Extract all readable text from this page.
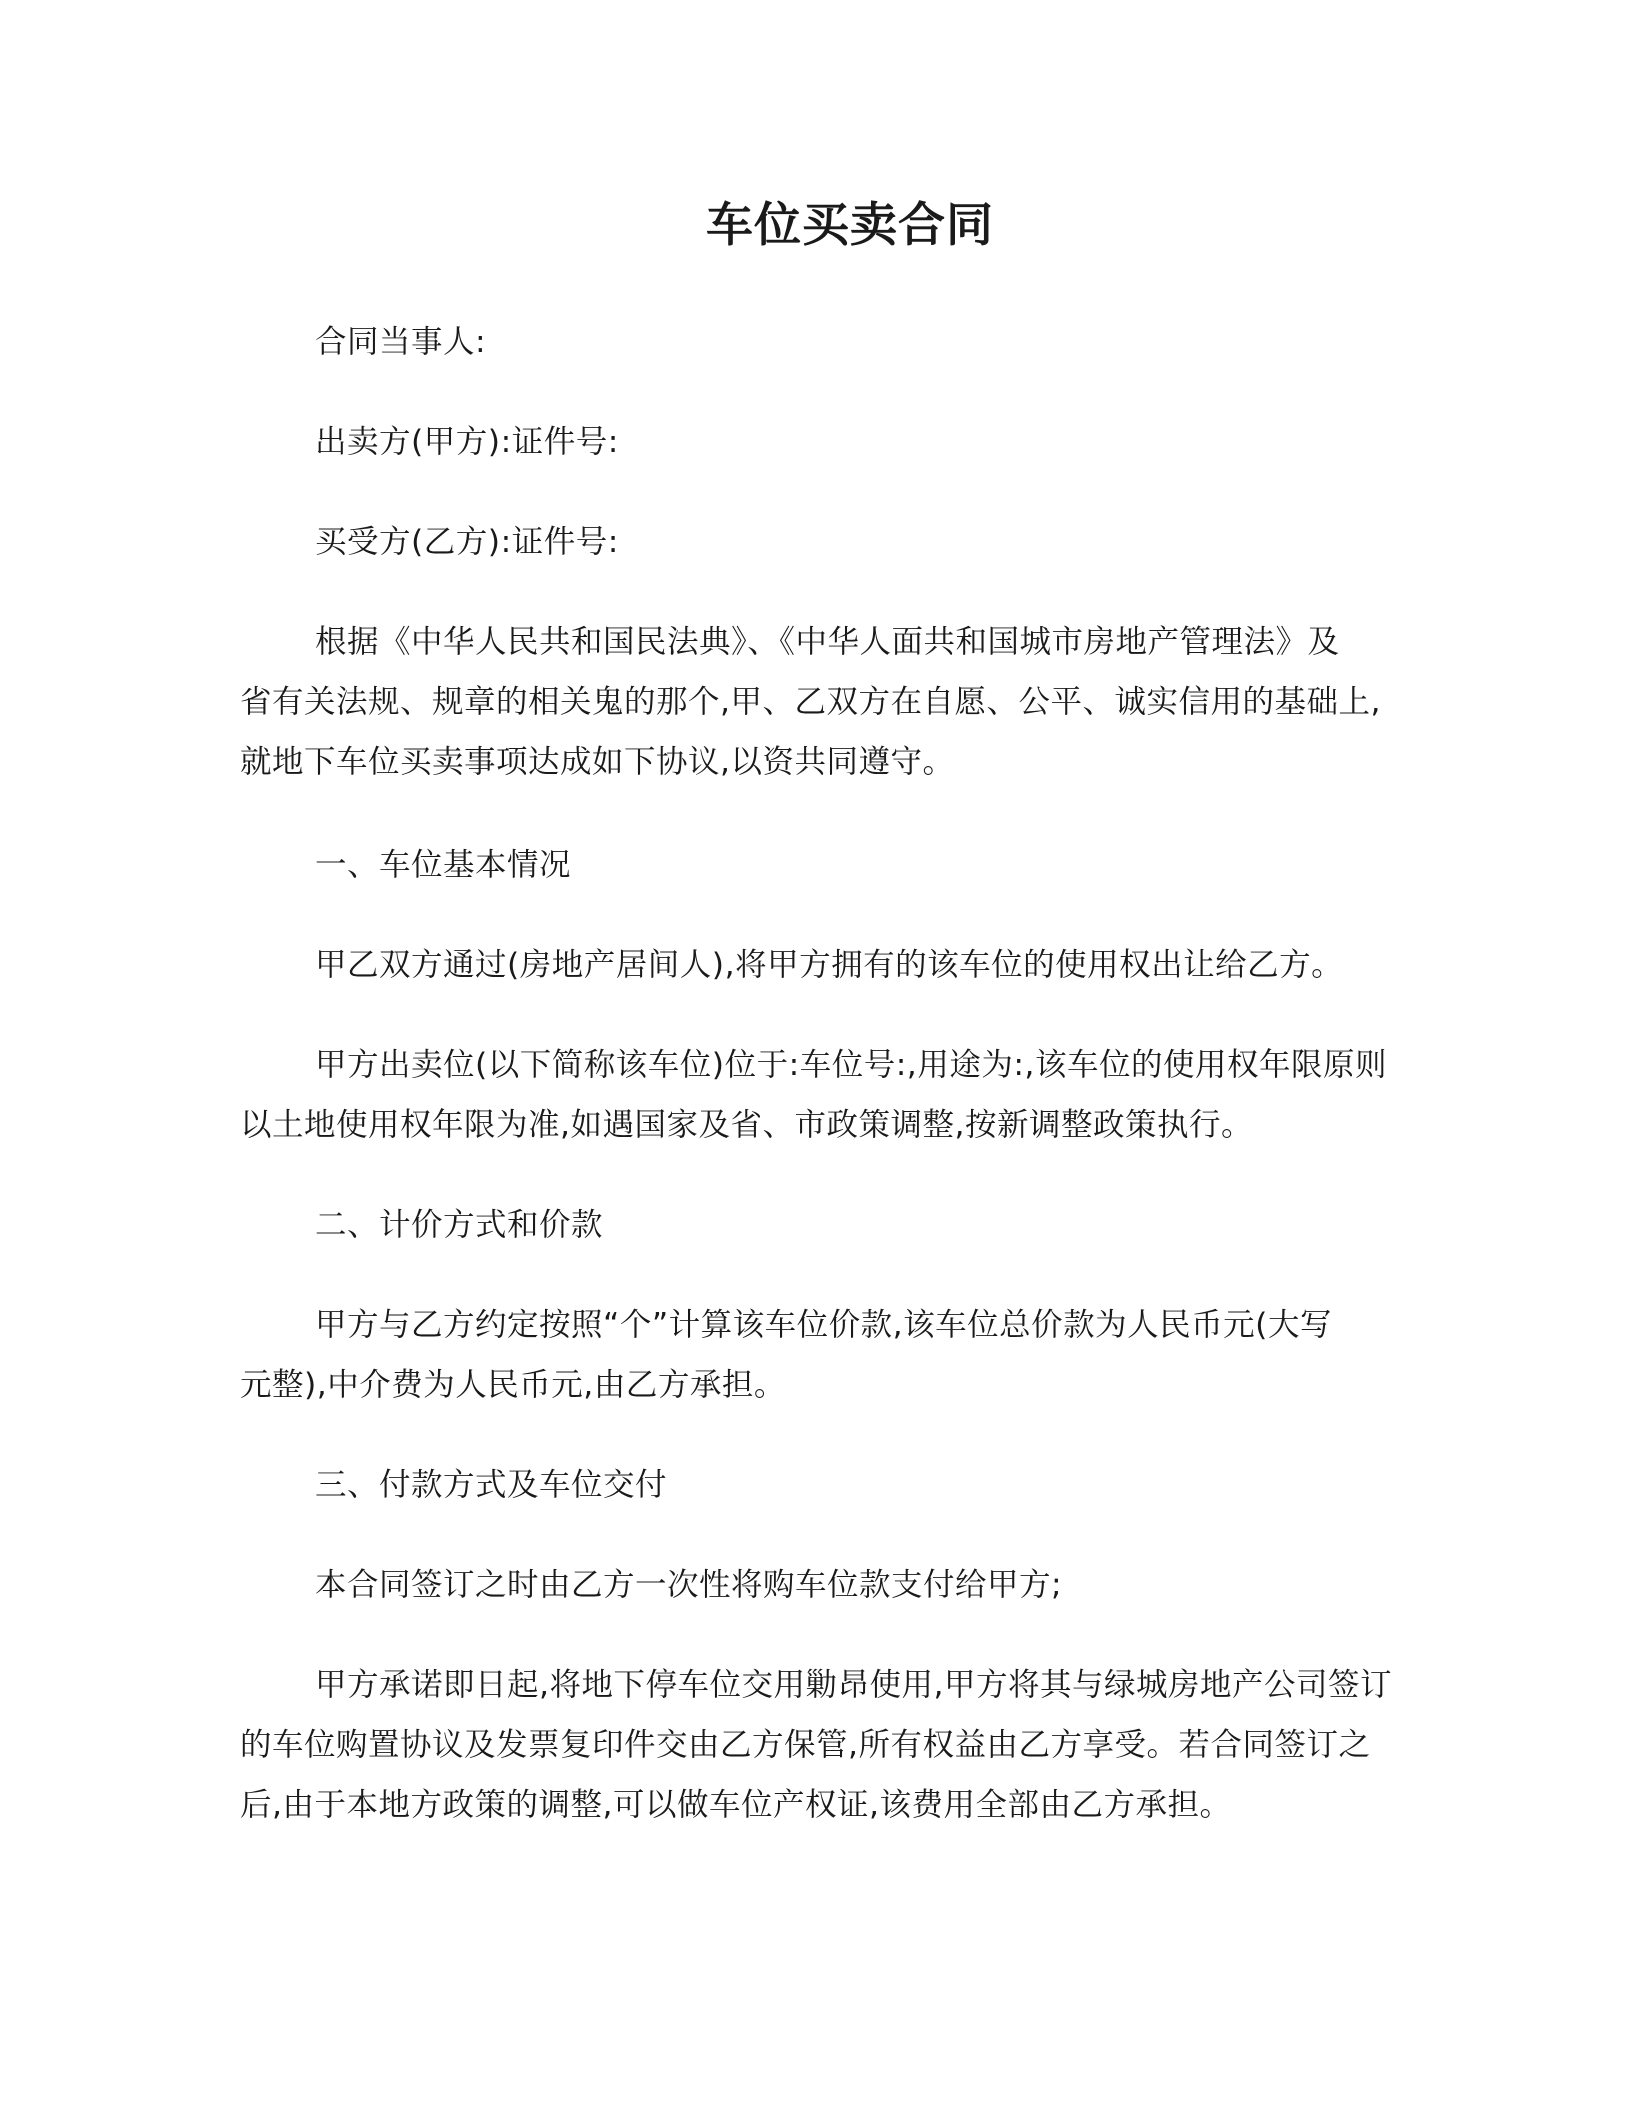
车位买卖合同
合同当事人:
出卖方(甲方):证件号:
买受方(乙方):证件号:
根据《中华人民共和国民法典》、《中华人面共和国城市房地产管理法》及
省有关法规、规章的相关鬼的那个,甲、乙双方在自愿、公平、诚实信用的基础上,
就地下车位买卖事项达成如下协议,以资共同遵守。
一、车位基本情况
甲乙双方通过(房地产居间人),将甲方拥有的该车位的使用权出让给乙方。
甲方出卖位(以下简称该车位)位于:车位号:,用途为:,该车位的使用权年限原则
以土地使用权年限为准,如遇国家及省、市政策调整,按新调整政策执行。
二、计价方式和价款
甲方与乙方约定按照“个”计算该车位价款,该车位总价款为人民币元(大写
元整),中介费为人民币元,由乙方承担。
三、付款方式及车位交付
本合同签订之时由乙方一次性将购车位款支付给甲方;
甲方承诺即日起,将地下停车位交用勦昂使用,甲方将其与绿城房地产公司签订
的车位购置协议及发票复印件交由乙方保管,所有权益由乙方享受。若合同签订之
后,由于本地方政策的调整,可以做车位产权证,该费用全部由乙方承担。
